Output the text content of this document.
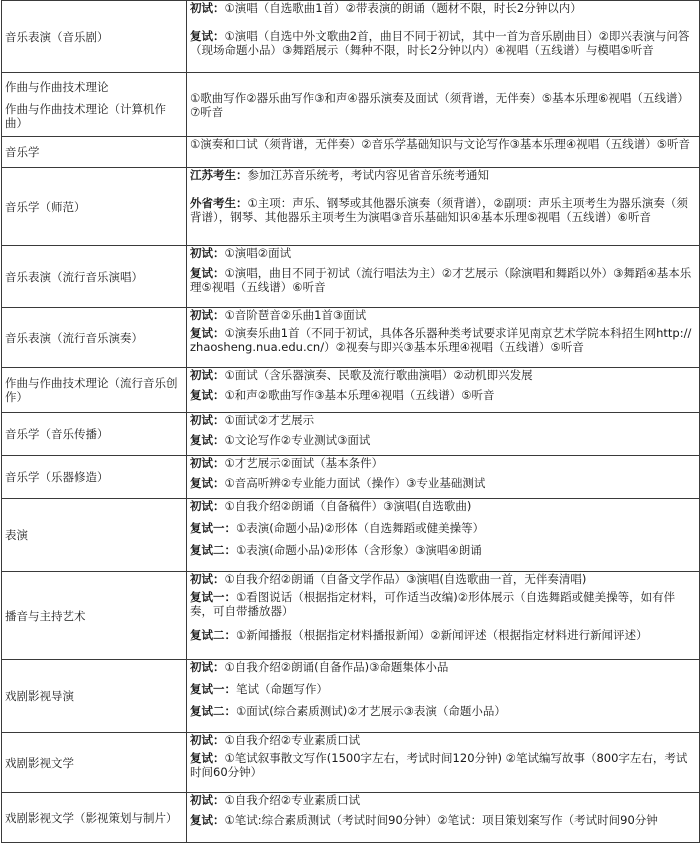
音乐表演（音乐剧）	初试：①演唱（自选歌曲1首）②带表演的朗诵（题材不限，时长2分钟以内）
复试：①演唱（自选中外文歌曲2首，曲目不同于初试，其中一首为音乐剧曲目）②即兴表演与问答（现场命题小品）③舞蹈展示（舞种不限，时长2分钟以内）④视唱（五线谱）与模唱⑤听音

作曲与作曲技术理论
作曲与作曲技术理论（计算机作曲）	①歌曲写作②器乐曲写作③和声④器乐演奏及面试（须背谱，无伴奏）⑤基本乐理⑥视唱（五线谱）⑦听音

音乐学	①演奏和口试（须背谱，无伴奏）②音乐学基础知识与文论写作③基本乐理④视唱（五线谱）⑤听音

音乐学（师范）	江苏考生：参加江苏音乐统考，考试内容见省音乐统考通知
外省考生：①主项：声乐、钢琴或其他器乐演奏（须背谱），②副项：声乐主项考生为器乐演奏（须背谱），钢琴、其他器乐主项考生为演唱③音乐基础知识④基本乐理⑤视唱（五线谱）⑥听音

音乐表演（流行音乐演唱）	初试：①演唱②面试
复试：①演唱，曲目不同于初试（流行唱法为主）②才艺展示（除演唱和舞蹈以外）③舞蹈④基本乐理⑤视唱（五线谱）⑥听音

音乐表演（流行音乐演奏）	初试：①音阶琶音②乐曲1首③面试
复试：①演奏乐曲1首（不同于初试，具体各乐器种类考试要求详见南京艺术学院本科招生网http://zhaosheng.nua.edu.cn/）②视奏与即兴③基本乐理④视唱（五线谱）⑤听音

作曲与作曲技术理论（流行音乐创作）	初试：①面试（含乐器演奏、民歌及流行歌曲演唱）②动机即兴发展
复试：①和声②歌曲写作③基本乐理④视唱（五线谱）⑤听音

音乐学（音乐传播）	初试：①面试②才艺展示
复试：①文论写作②专业测试③面试

音乐学（乐器修造）	初试：①才艺展示②面试（基本条件）
复试：①音高听辨②专业能力面试（操作）③专业基础测试

表演	初试：①自我介绍②朗诵（自备稿件）③演唱(自选歌曲)
复试一：①表演(命题小品)②形体（自选舞蹈或健美操等）
复试二：①表演(命题小品)②形体（含形象）③演唱④朗诵

播音与主持艺术	初试：①自我介绍②朗诵（自备文学作品）③演唱(自选歌曲一首，无伴奏清唱)
复试一：①看图说话（根据指定材料，可作适当改编)②形体展示（自选舞蹈或健美操等，如有伴奏，可自带播放器）
复试二：①新闻播报（根据指定材料播报新闻）②新闻评述（根据指定材料进行新闻评述）

戏剧影视导演	初试：①自我介绍②朗诵(自备作品)③命题集体小品
复试一：笔试（命题写作）
复试二：①面试(综合素质测试)②才艺展示③表演（命题小品）

戏剧影视文学	初试：①自我介绍②专业素质口试
复试：①笔试叙事散文写作(1500字左右，考试时间120分钟) ②笔试编写故事（800字左右，考试时间60分钟）

戏剧影视文学（影视策划与制片）	初试：①自我介绍②专业素质口试
复试：①笔试:综合素质测试（考试时间90分钟）②笔试：项目策划案写作（考试时间90分钟
